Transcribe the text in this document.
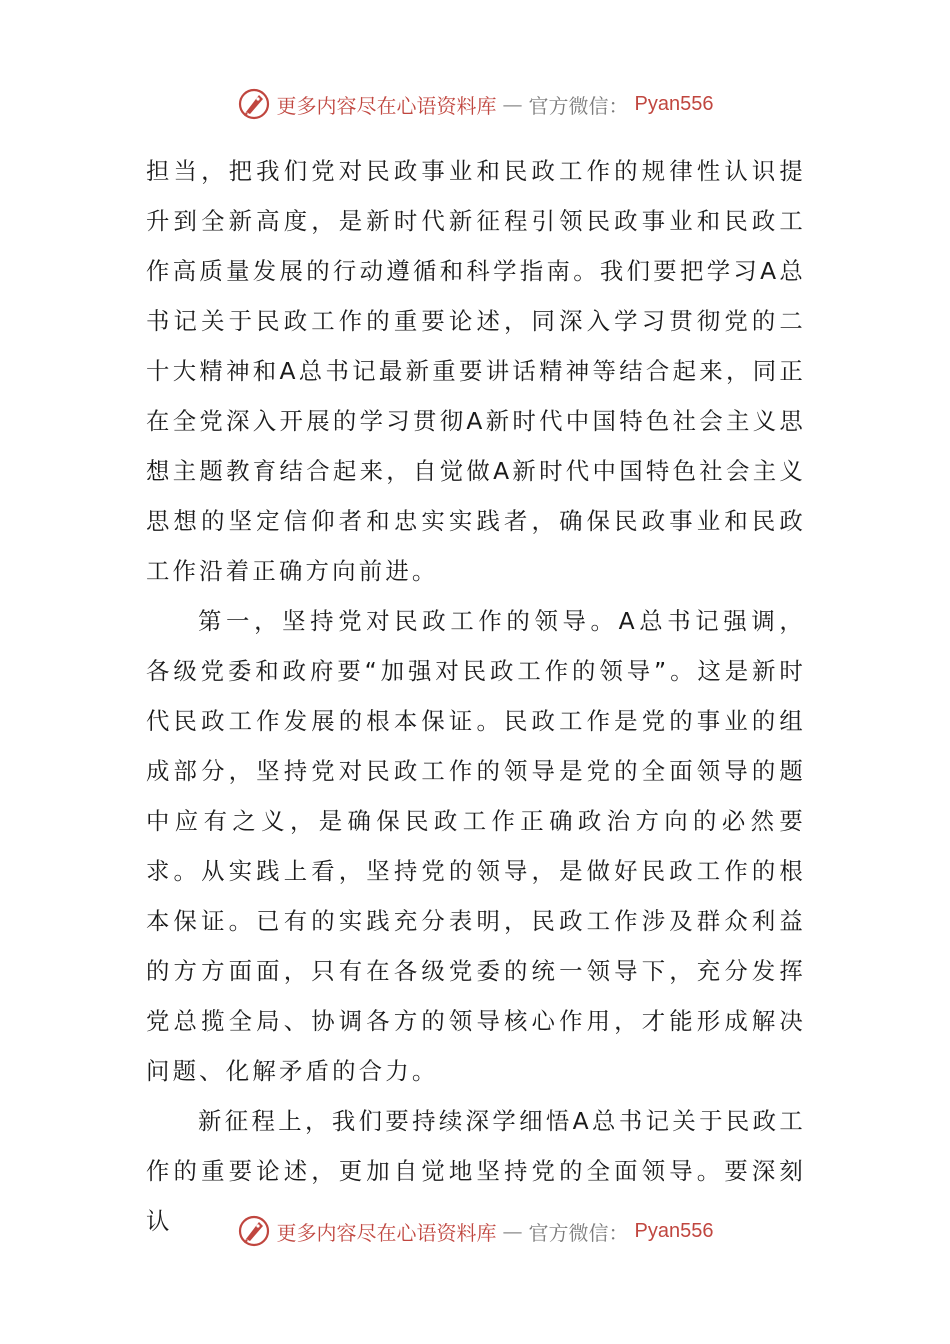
更多内容尽在心语资料库 — 官方微信： Pyan556

担当，把我们党对民政事业和民政工作的规律性认识提升到全新高度，是新时代新征程引领民政事业和民政工作高质量发展的行动遵循和科学指南。我们要把学习A总书记关于民政工作的重要论述，同深入学习贯彻党的二十大精神和A总书记最新重要讲话精神等结合起来，同正在全党深入开展的学习贯彻A新时代中国特色社会主义思想主题教育结合起来，自觉做A新时代中国特色社会主义思想的坚定信仰者和忠实实践者，确保民政事业和民政工作沿着正确方向前进。

第一，坚持党对民政工作的领导。A总书记强调， 各级党委和政府要“加强对民政工作的领导”。这是新时代民政工作发展的根本保证。民政工作是党的事业的组成部分，坚持党对民政工作的领导是党的全面领导的题中应有之义，是确保民政工作正确政治方向的必然要求。从实践上看，坚持党的领导，是做好民政工作的根本保证。已有的实践充分表明，民政工作涉及群众利益的方方面面，只有在各级党委的统一领导下，充分发挥党总揽全局、协调各方的领导核心作用，才能形成解决问题、化解矛盾的合力。

新征程上，我们要持续深学细悟A总书记关于民政工作的重要论述，更加自觉地坚持党的全面领导。要深刻认	更多内容尽在心语资料库 — 官方微信： Pyan556
